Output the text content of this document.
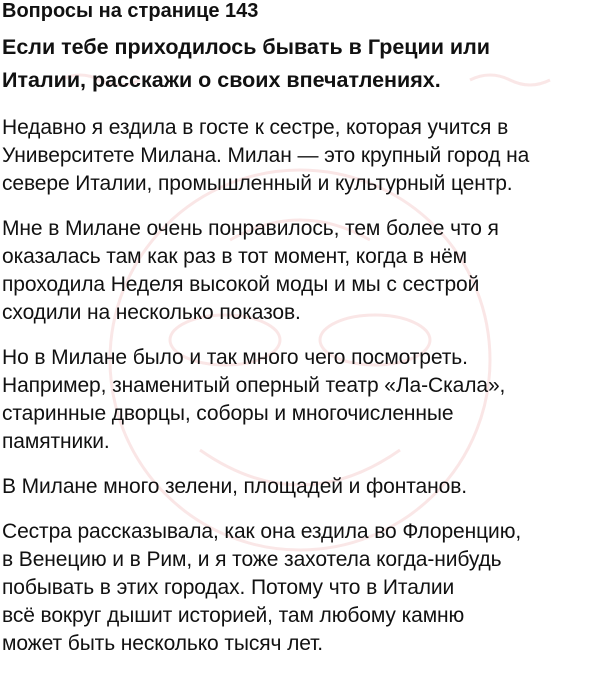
Вопросы на странице 143
Если тебе приходилось бывать в Греции или
Италии, расскажи о своих впечатлениях.
Недавно я ездила в госте к сестре, которая учится в
Университете Милана. Милан — это крупный город на
севере Италии, промышленный и культурный центр.
Мне в Милане очень понравилось, тем более что я
оказалась там как раз в тот момент, когда в нём
проходила Неделя высокой моды и мы с сестрой
сходили на несколько показов.
Но в Милане было и так много чего посмотреть.
Например, знаменитый оперный театр «Ла-Скала»,
старинные дворцы, соборы и многочисленные
памятники.
В Милане много зелени, площадей и фонтанов.
Сестра рассказывала, как она ездила во Флоренцию,
в Венецию и в Рим, и я тоже захотела когда-нибудь
побывать в этих городах. Потому что в Италии
всё вокруг дышит историей, там любому камню
может быть несколько тысяч лет.
